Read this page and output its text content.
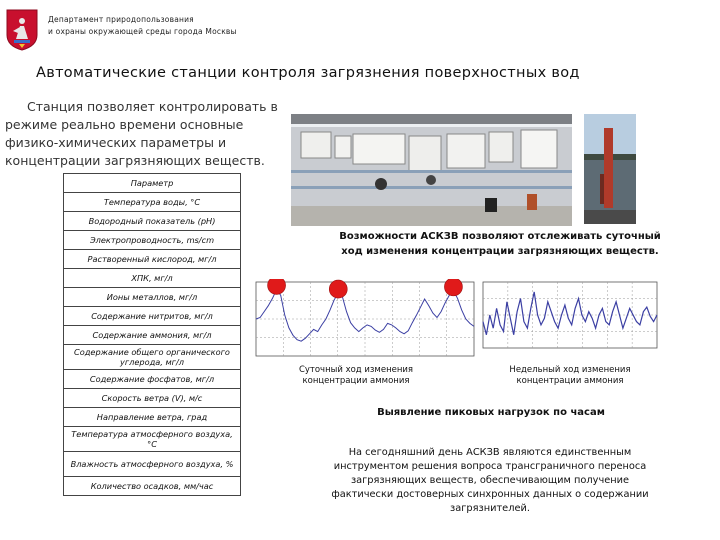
Департамент природопользования
и охраны окружающей среды города Москвы
Автоматические станции контроля загрязнения поверхностных вод
Станция позволяет контролировать в режиме реально времени основные физико-химических параметры и концентрации загрязняющих веществ.
Параметр
Температура воды, °С
Водородный показатель (pH)
Электропроводность, ms/cm
Растворенный кислород, мг/л
ХПК, мг/л
Ионы металлов, мг/л
Содержание нитритов, мг/л
Содержание аммония, мг/л
Содержание общего органического углерода, мг/л
Содержание фосфатов, мг/л
Скорость ветра (V), м/с
Направление ветра, град
Температура атмосферного воздуха, °С
Влажность атмосферного воздуха, %
Количество осадков, мм/час
Возможности АСКЗВ позволяют отслеживать суточный ход изменения концентрации загрязняющих веществ.
Суточный ход изменения концентрации аммония
Недельный ход изменения концентрации аммония
Выявление пиковых нагрузок по часам
На сегодняшний день АСКЗВ являются единственным инструментом решения вопроса трансграничного переноса загрязняющих веществ, обеспечивающим получение фактически достоверных синхронных данных о содержании загрязнителей.
